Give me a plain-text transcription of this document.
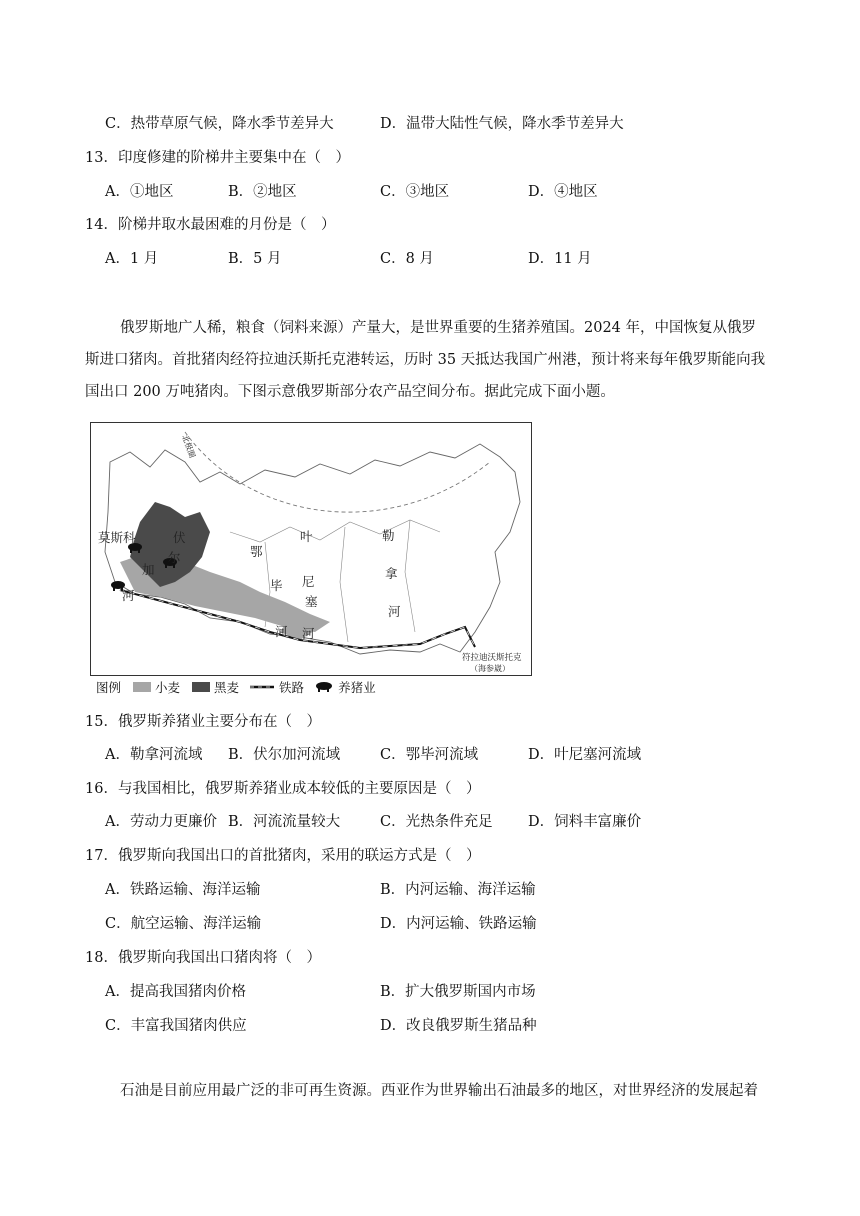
C．热带草原气候，降水季节差异大	D．温带大陆性气候，降水季节差异大
13．印度修建的阶梯井主要集中在（　）
A．①地区	B．②地区	C．③地区	D．④地区
14．阶梯井取水最困难的月份是（　）
A．1 月	B．5 月	C．8 月	D．11 月
俄罗斯地广人稀，粮食（饲料来源）产量大，是世界重要的生猪养殖国。2024 年，中国恢复从俄罗
斯进口猪肉。首批猪肉经符拉迪沃斯托克港转运，历时 35 天抵达我国广州港，预计将来每年俄罗斯能向我
国出口 200 万吨猪肉。下图示意俄罗斯部分农产品空间分布。据此完成下面小题。
莫斯科	伏
尔
加
河
鄂
毕
河
叶
尼
塞
河
勒
拿
河
符拉迪沃斯托克
（海参崴）
北极圈
图例	小麦	黑麦	铁路	养猪业
15．俄罗斯养猪业主要分布在（　）
A．勒拿河流域 B．伏尔加河流域	C．鄂毕河流域	D．叶尼塞河流域
16．与我国相比，俄罗斯养猪业成本较低的主要原因是（　）
A．劳动力更廉价 B．河流流量较大	C．光热条件充足 D．饲料丰富廉价
17．俄罗斯向我国出口的首批猪肉，采用的联运方式是（　）
A．铁路运输、海洋运输	B．内河运输、海洋运输
C．航空运输、海洋运输	D．内河运输、铁路运输
18．俄罗斯向我国出口猪肉将（　）
A．提高我国猪肉价格	B．扩大俄罗斯国内市场
C．丰富我国猪肉供应	D．改良俄罗斯生猪品种
石油是目前应用最广泛的非可再生资源。西亚作为世界输出石油最多的地区，对世界经济的发展起着
